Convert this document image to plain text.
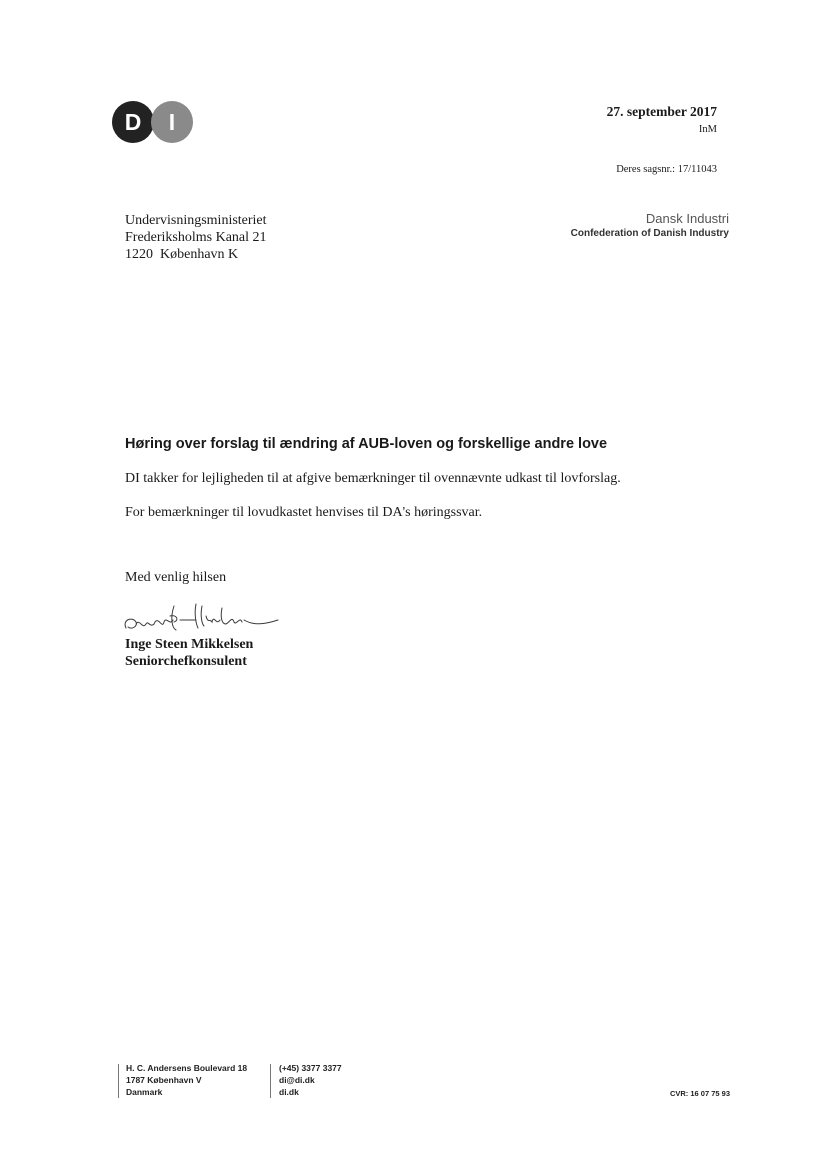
D	I	27. september 2017
InM
Deres sagsnr.: 17/11043
Dansk Industri
Confederation of Danish Industry
Undervisningsministeriet
Frederiksholms Kanal 21
1220  København K
Høring over forslag til ændring af AUB-loven og forskellige andre love
DI takker for lejligheden til at afgive bemærkninger til ovennævnte udkast til lovforslag.
For bemærkninger til lovudkastet henvises til DA's høringssvar.
Med venlig hilsen
Inge Steen Mikkelsen
Seniorchefkonsulent
H. C. Andersens Boulevard 18
1787 København V
Danmark
(+45) 3377 3377
di@di.dk
di.dk	CVR: 16 07 75 93
